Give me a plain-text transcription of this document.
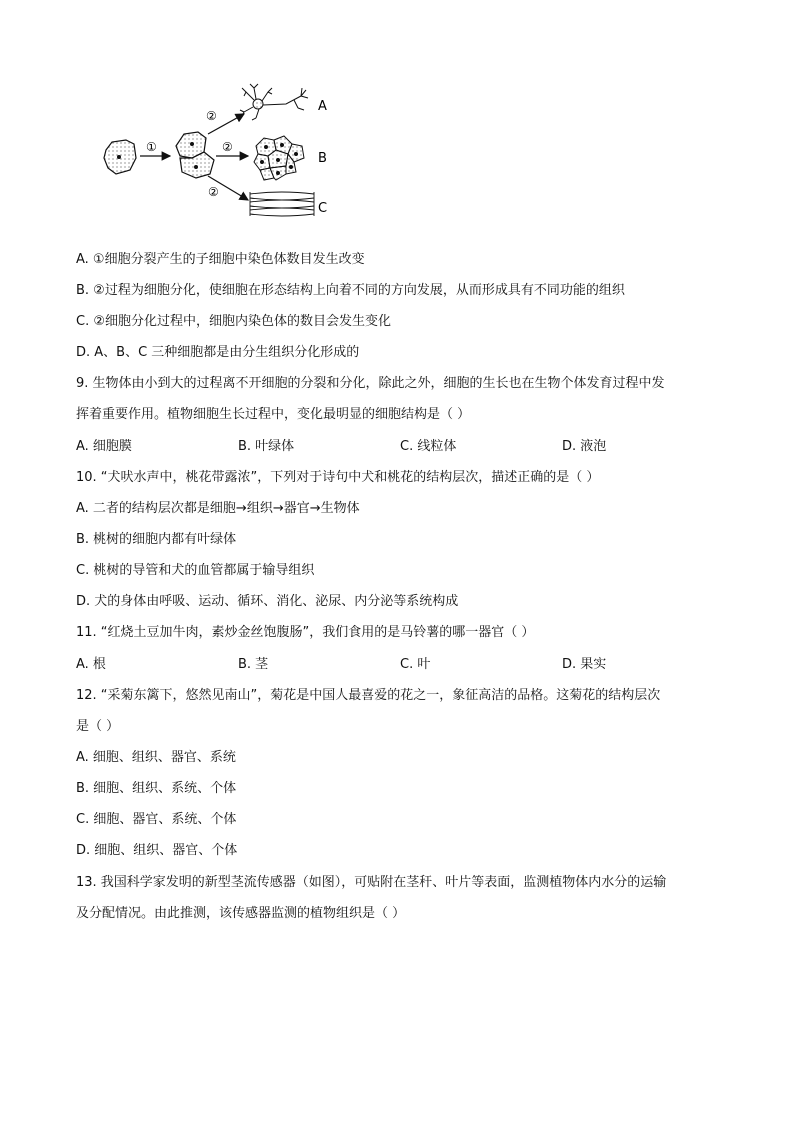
①
②
②
②
A
B
C
A. ①细胞分裂产生的子细胞中染色体数目发生改变
B. ②过程为细胞分化，使细胞在形态结构上向着不同的方向发展，从而形成具有不同功能的组织
C. ②细胞分化过程中，细胞内染色体的数目会发生变化
D. A、B、C 三种细胞都是由分生组织分化形成的
9. 生物体由小到大的过程离不开细胞的分裂和分化，除此之外，细胞的生长也在生物个体发育过程中发
挥着重要作用。植物细胞生长过程中，变化最明显的细胞结构是（ ）
A. 细胞膜	B. 叶绿体	C. 线粒体	D. 液泡
10. “犬吠水声中，桃花带露浓”，下列对于诗句中犬和桃花的结构层次，描述正确的是（ ）
A. 二者的结构层次都是细胞→组织→器官→生物体
B. 桃树的细胞内都有叶绿体
C. 桃树的导管和犬的血管都属于输导组织
D. 犬的身体由呼吸、运动、循环、消化、泌尿、内分泌等系统构成
11. “红烧土豆加牛肉，素炒金丝饱腹肠”，我们食用的是马铃薯的哪一器官（ ）
A. 根	B. 茎	C. 叶	D. 果实
12. “采菊东篱下，悠然见南山”，菊花是中国人最喜爱的花之一，象征高洁的品格。这菊花的结构层次
是（ ）
A. 细胞、组织、器官、系统
B. 细胞、组织、系统、个体
C. 细胞、器官、系统、个体
D. 细胞、组织、器官、个体
13. 我国科学家发明的新型茎流传感器（如图），可贴附在茎秆、叶片等表面，监测植物体内水分的运输
及分配情况。由此推测，该传感器监测的植物组织是（ ）
